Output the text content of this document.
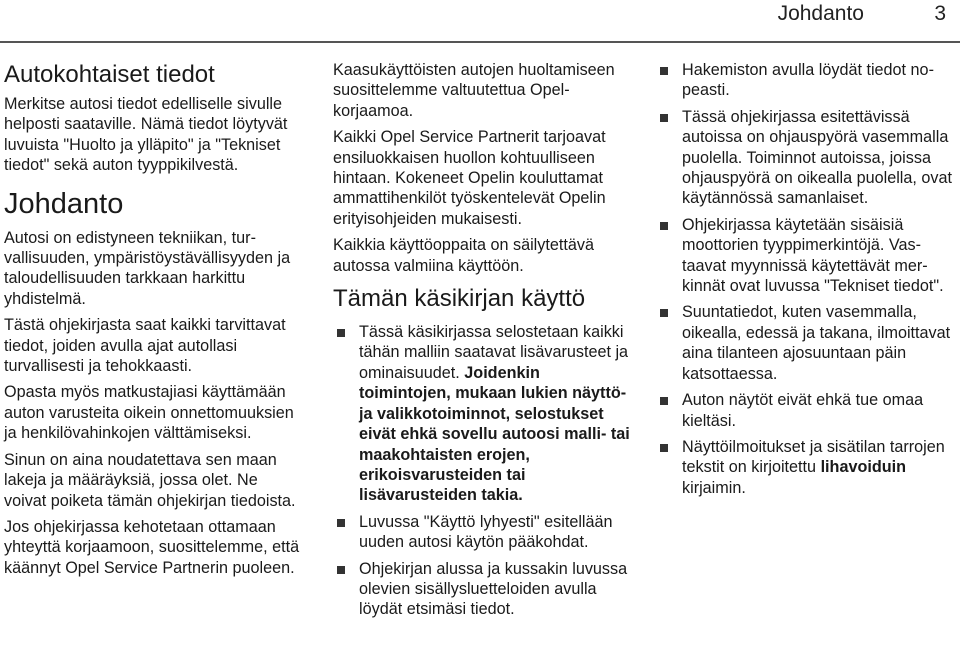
Johdanto	3
Autokohtaiset tiedot

Merkitse autosi tiedot edelliselle sivulle helposti saataville. Nämä tiedot löytyvät luvuista "Huolto ja ylläpito" ja "Tekniset tiedot" sekä auton tyyppikilvestä.

Johdanto

Autosi on edistyneen tekniikan, turvallisuuden, ympäristöystävällisyyden ja taloudellisuuden tarkkaan harkittu yhdistelmä.

Tästä ohjekirjasta saat kaikki tarvittavat tiedot, joiden avulla ajat autollasi turvallisesti ja tehokkaasti.

Opasta myös matkustajiasi käyttämään auton varusteita oikein onnettomuuksien ja henkilövahinkojen välttämiseksi.

Sinun on aina noudatettava sen maan lakeja ja määräyksiä, jossa olet. Ne voivat poiketa tämän ohjekirjan tiedoista.

Jos ohjekirjassa kehotetaan ottamaan yhteyttä korjaamoon, suosittelemme, että käännyt Opel Service Partnerin puoleen.

Kaasukäyttöisten autojen huoltamiseen suosittelemme valtuutettua Opel-korjaamoa.

Kaikki Opel Service Partnerit tarjoavat ensiluokkaisen huollon kohtuulliseen hintaan. Kokeneet Opelin kouluttamat ammattihenkilöt työskentelevät Opelin erityisohjeiden mukaisesti.

Kaikkia käyttöoppaita on säilytettävä autossa valmiina käyttöön.

Tämän käsikirjan käyttö
Tässä käsikirjassa selostetaan kaikki tähän malliin saatavat lisävarusteet ja ominaisuudet. Joidenkin toimintojen, mukaan lukien näyttöja valikkotoiminnot, selostukset eivät ehkä sovellu autoosi malli- tai maakohtaisten erojen, erikoisvarusteiden tai lisävarusteiden takia.
Luvussa "Käyttö lyhyesti" esitellään uuden autosi käytön pääkohdat.
Ohjekirjan alussa ja kussakin luvussa olevien sisällysluetteloiden avulla löydät etsimäsi tiedot.
Hakemiston avulla löydät tiedot nopeasti.
Tässä ohjekirjassa esitettävissä autoissa on ohjauspyörä vasemmalla puolella. Toiminnot autoissa, joissa ohjauspyörä on oikealla puolella, ovat käytännössä samanlaiset.
Ohjekirjassa käytetään sisäisiä moottorien tyyppimerkintöjä. Vastaavat myynnissä käytettävät merkinnät ovat luvussa "Tekniset tiedot".
Suuntatiedot, kuten vasemmalla, oikealla, edessä ja takana, ilmoittavat aina tilanteen ajosuuntaan päin katsottaessa.
Auton näytöt eivät ehkä tue omaa kieltäsi.
Näyttöilmoitukset ja sisätilan tarrojen tekstit on kirjoitettu lihavoiduin kirjaimin.
